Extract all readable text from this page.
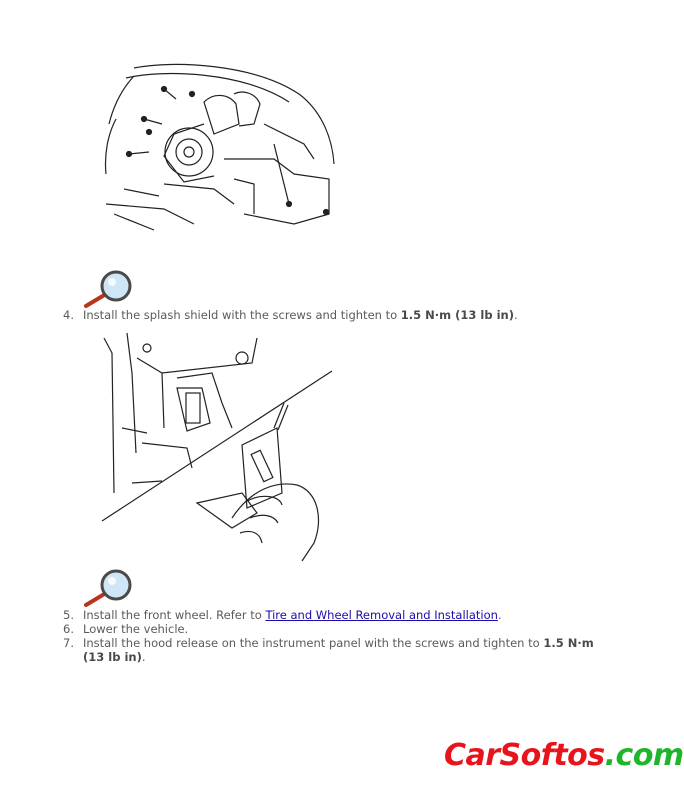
4. Install the splash shield with the screws and tighten to 1.5 N·m (13 lb in).
5. Install the front wheel. Refer to Tire and Wheel Removal and Installation.
6. Lower the vehicle.
7. Install the hood release on the instrument panel with the screws and tighten to 1.5 N·m
(13 lb in).
CarSoftos.com
